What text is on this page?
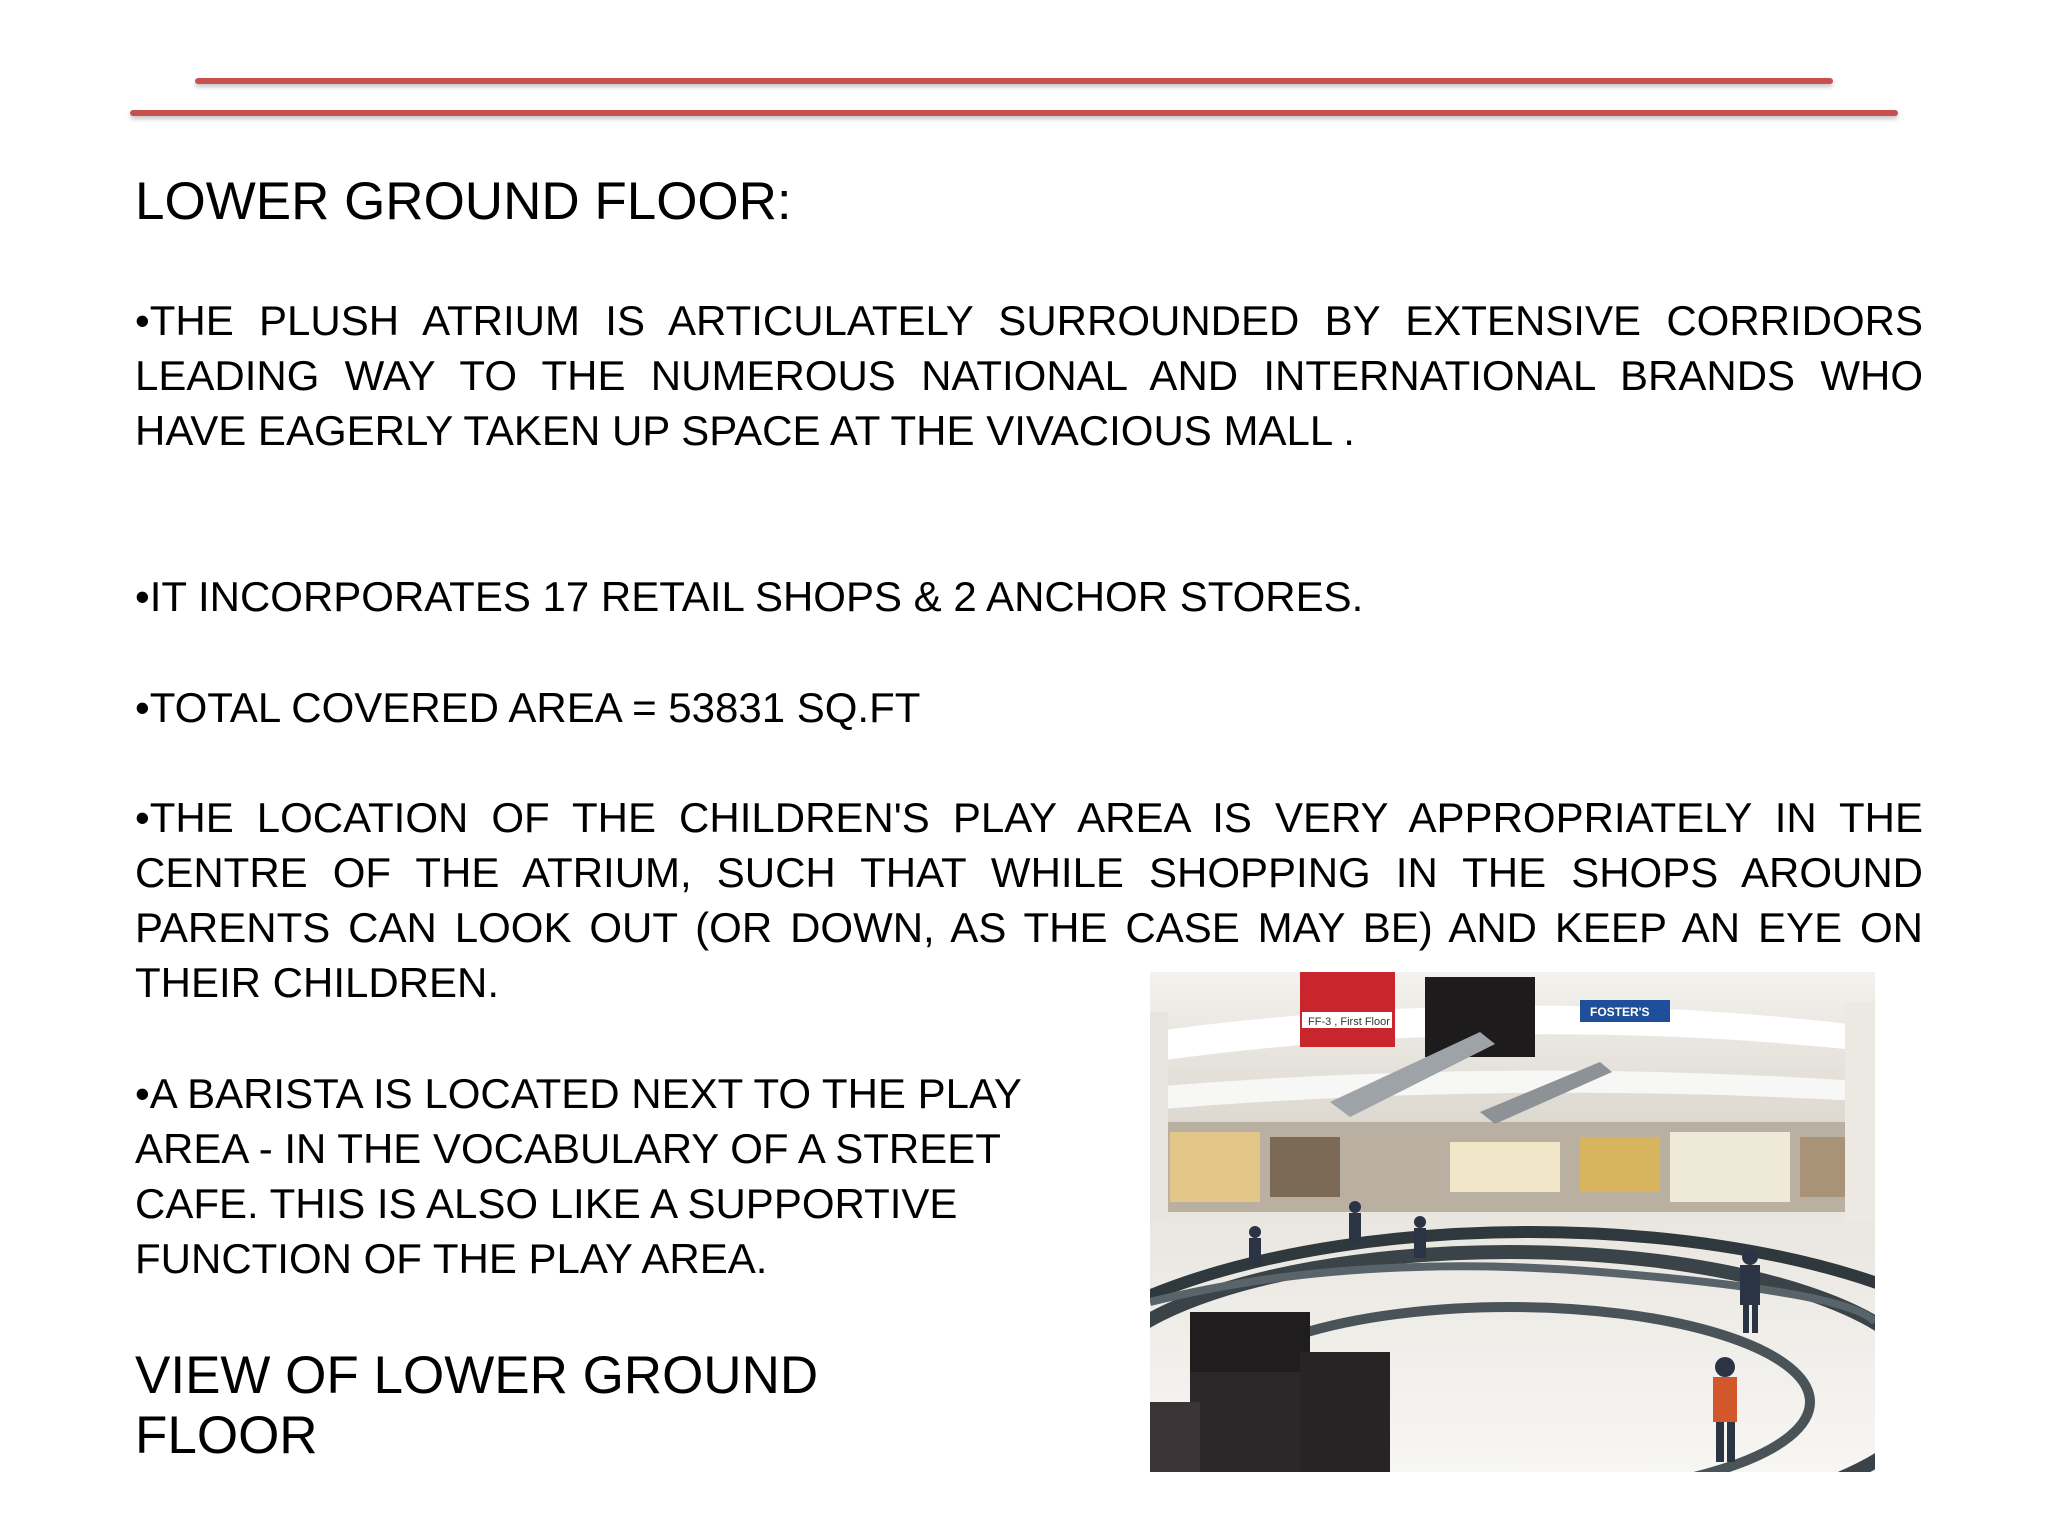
LOWER GROUND FLOOR:

•THE PLUSH ATRIUM IS ARTICULATELY SURROUNDED BY EXTENSIVE CORRIDORS LEADING WAY TO THE NUMEROUS NATIONAL AND INTERNATIONAL BRANDS WHO HAVE EAGERLY TAKEN UP SPACE AT THE VIVACIOUS MALL .

•IT INCORPORATES 17 RETAIL SHOPS & 2 ANCHOR STORES.

•TOTAL COVERED AREA = 53831 SQ.FT

•THE LOCATION OF THE CHILDREN'S PLAY AREA IS VERY APPROPRIATELY IN THE CENTRE OF THE ATRIUM, SUCH THAT WHILE SHOPPING IN THE SHOPS AROUND PARENTS CAN LOOK OUT (OR DOWN, AS THE CASE MAY BE) AND KEEP AN EYE ON THEIR CHILDREN.

•A BARISTA IS LOCATED NEXT TO THE PLAY
AREA - IN THE VOCABULARY OF A STREET
CAFE. THIS IS ALSO LIKE A SUPPORTIVE
FUNCTION OF THE PLAY AREA.

VIEW OF LOWER GROUND
FLOOR
FF-3 , First Floor
FOSTER'S
